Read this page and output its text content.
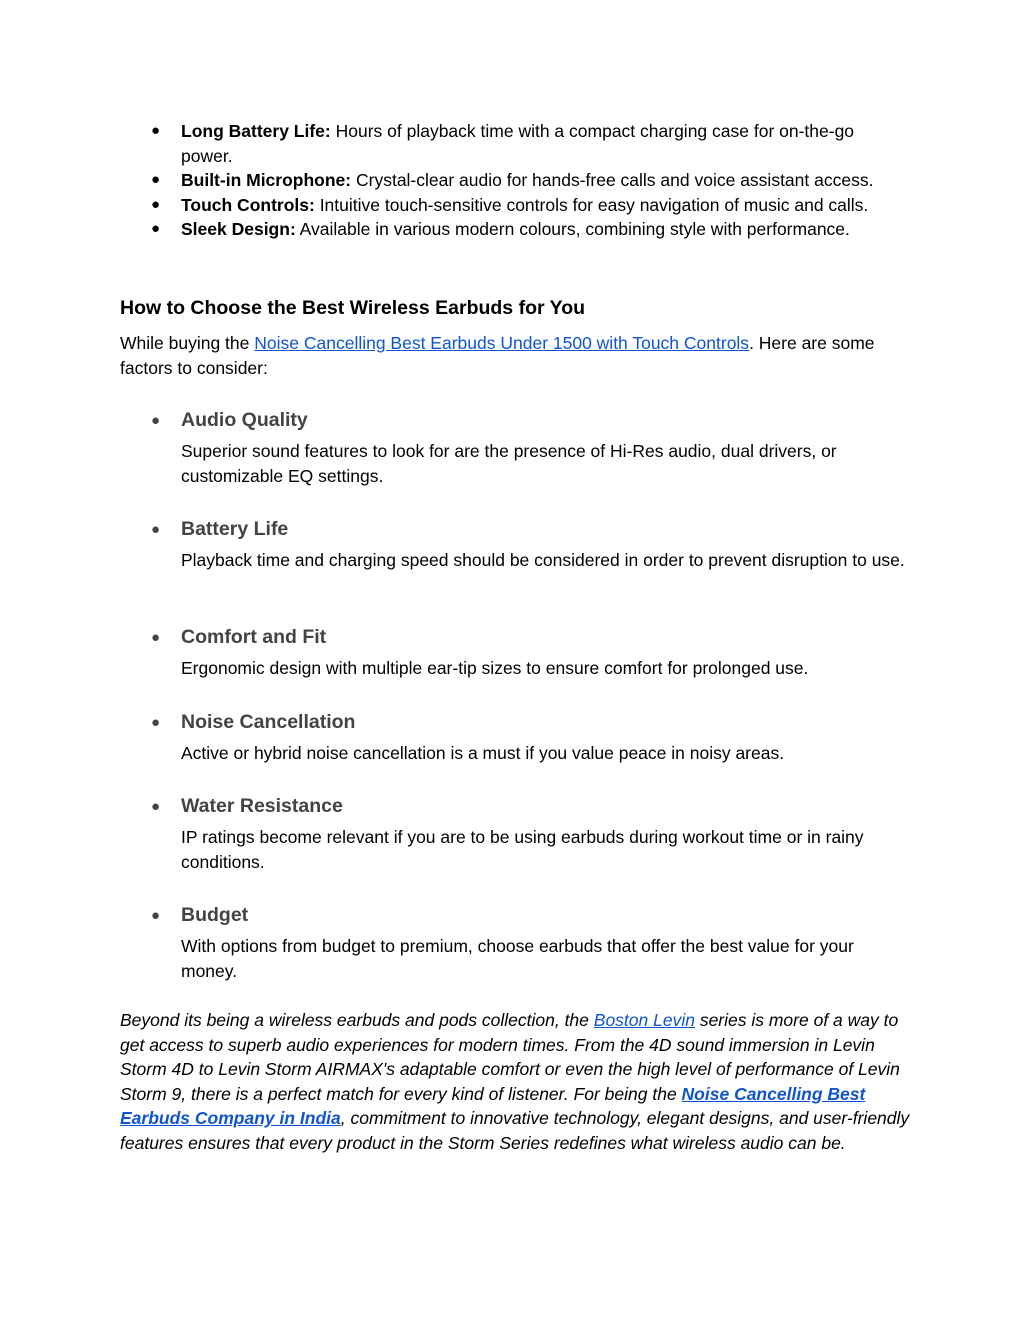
● Long Battery Life: Hours of playback time with a compact charging case for on-the-go power.
● Built-in Microphone: Crystal-clear audio for hands-free calls and voice assistant access.
● Touch Controls: Intuitive touch-sensitive controls for easy navigation of music and calls.
● Sleek Design: Available in various modern colours, combining style with performance.
How to Choose the Best Wireless Earbuds for You

While buying the Noise Cancelling Best Earbuds Under 1500 with Touch Controls. Here are some factors to consider:

● Audio Quality

Superior sound features to look for are the presence of Hi-Res audio, dual drivers, or customizable EQ settings.

● Battery Life

Playback time and charging speed should be considered in order to prevent disruption to use.

● Comfort and Fit

Ergonomic design with multiple ear-tip sizes to ensure comfort for prolonged use.

● Noise Cancellation

Active or hybrid noise cancellation is a must if you value peace in noisy areas.

● Water Resistance

IP ratings become relevant if you are to be using earbuds during workout time or in rainy conditions.

● Budget

With options from budget to premium, choose earbuds that offer the best value for your money.

Beyond its being a wireless earbuds and pods collection, the Boston Levin series is more of a way to get access to superb audio experiences for modern times. From the 4D sound immersion in Levin Storm 4D to Levin Storm AIRMAX's adaptable comfort or even the high level of performance of Levin Storm 9, there is a perfect match for every kind of listener. For being the Noise Cancelling Best Earbuds Company in India, commitment to innovative technology, elegant designs, and user-friendly features ensures that every product in the Storm Series redefines what wireless audio can be.
